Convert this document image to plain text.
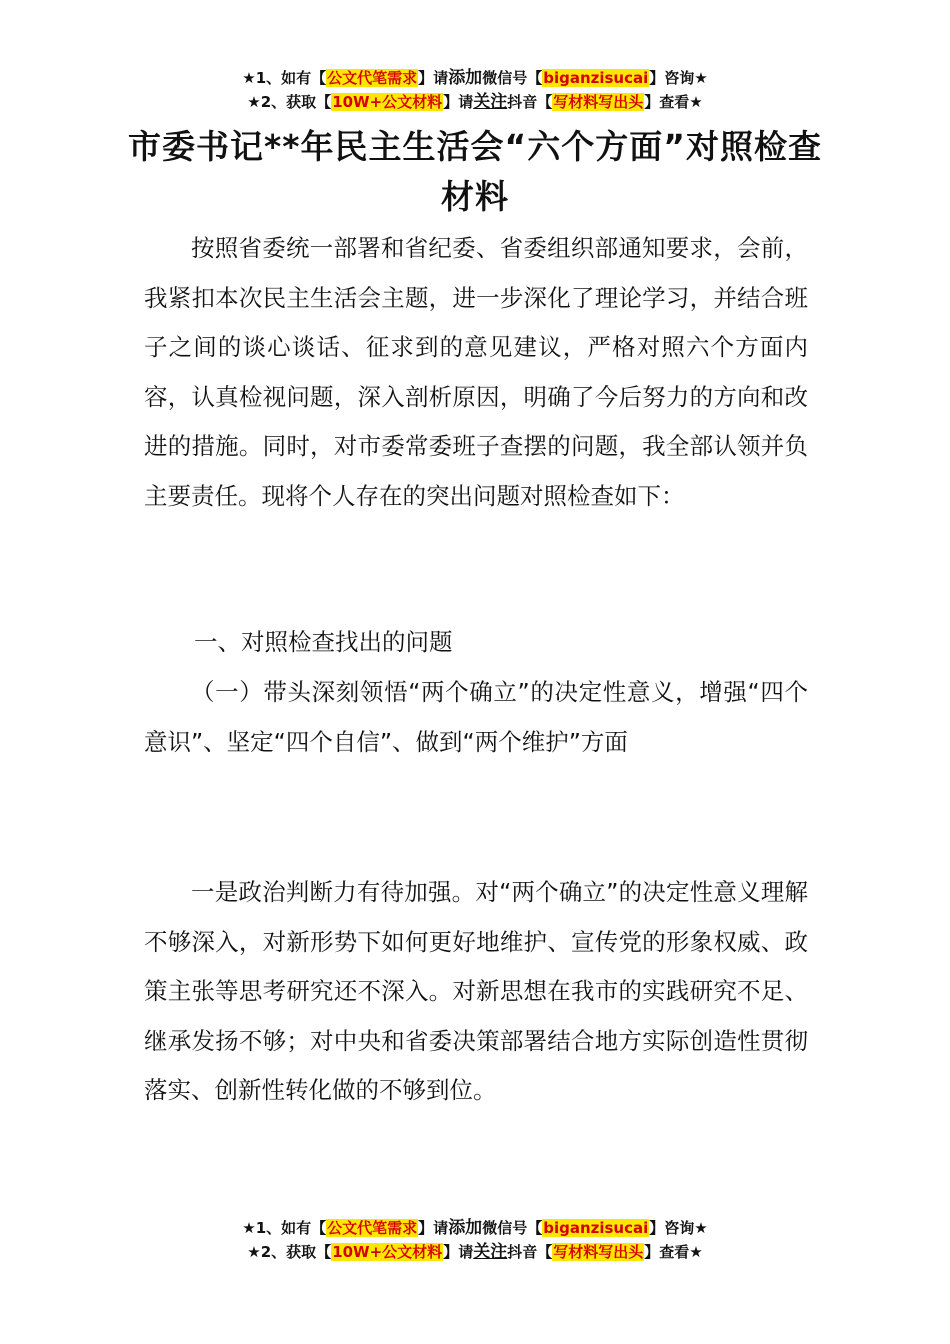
★1、如有【公文代笔需求】请添加微信号【biganzisucai】咨询★
★2、获取【10W+公文材料】请关注抖音【写材料写出头】查看★
市委书记**年民主生活会“六个方面”对照检查材料

按照省委统一部署和省纪委、省委组织部通知要求，会前，我紧扣本次民主生活会主题，进一步深化了理论学习，并结合班子之间的谈心谈话、征求到的意见建议，严格对照六个方面内容，认真检视问题，深入剖析原因，明确了今后努力的方向和改进的措施。同时，对市委常委班子查摆的问题，我全部认领并负主要责任。现将个人存在的突出问题对照检查如下：

一、对照检查找出的问题

（一）带头深刻领悟“两个确立”的决定性意义，增强“四个意识”、坚定“四个自信”、做到“两个维护”方面

一是政治判断力有待加强。对“两个确立”的决定性意义理解不够深入，对新形势下如何更好地维护、宣传党的形象权威、政策主张等思考研究还不深入。对新思想在我市的实践研究不足、继承发扬不够；对中央和省委决策部署结合地方实际创造性贯彻落实、创新性转化做的不够到位。

★1、如有【公文代笔需求】请添加微信号【biganzisucai】咨询★
★2、获取【10W+公文材料】请关注抖音【写材料写出头】查看★
